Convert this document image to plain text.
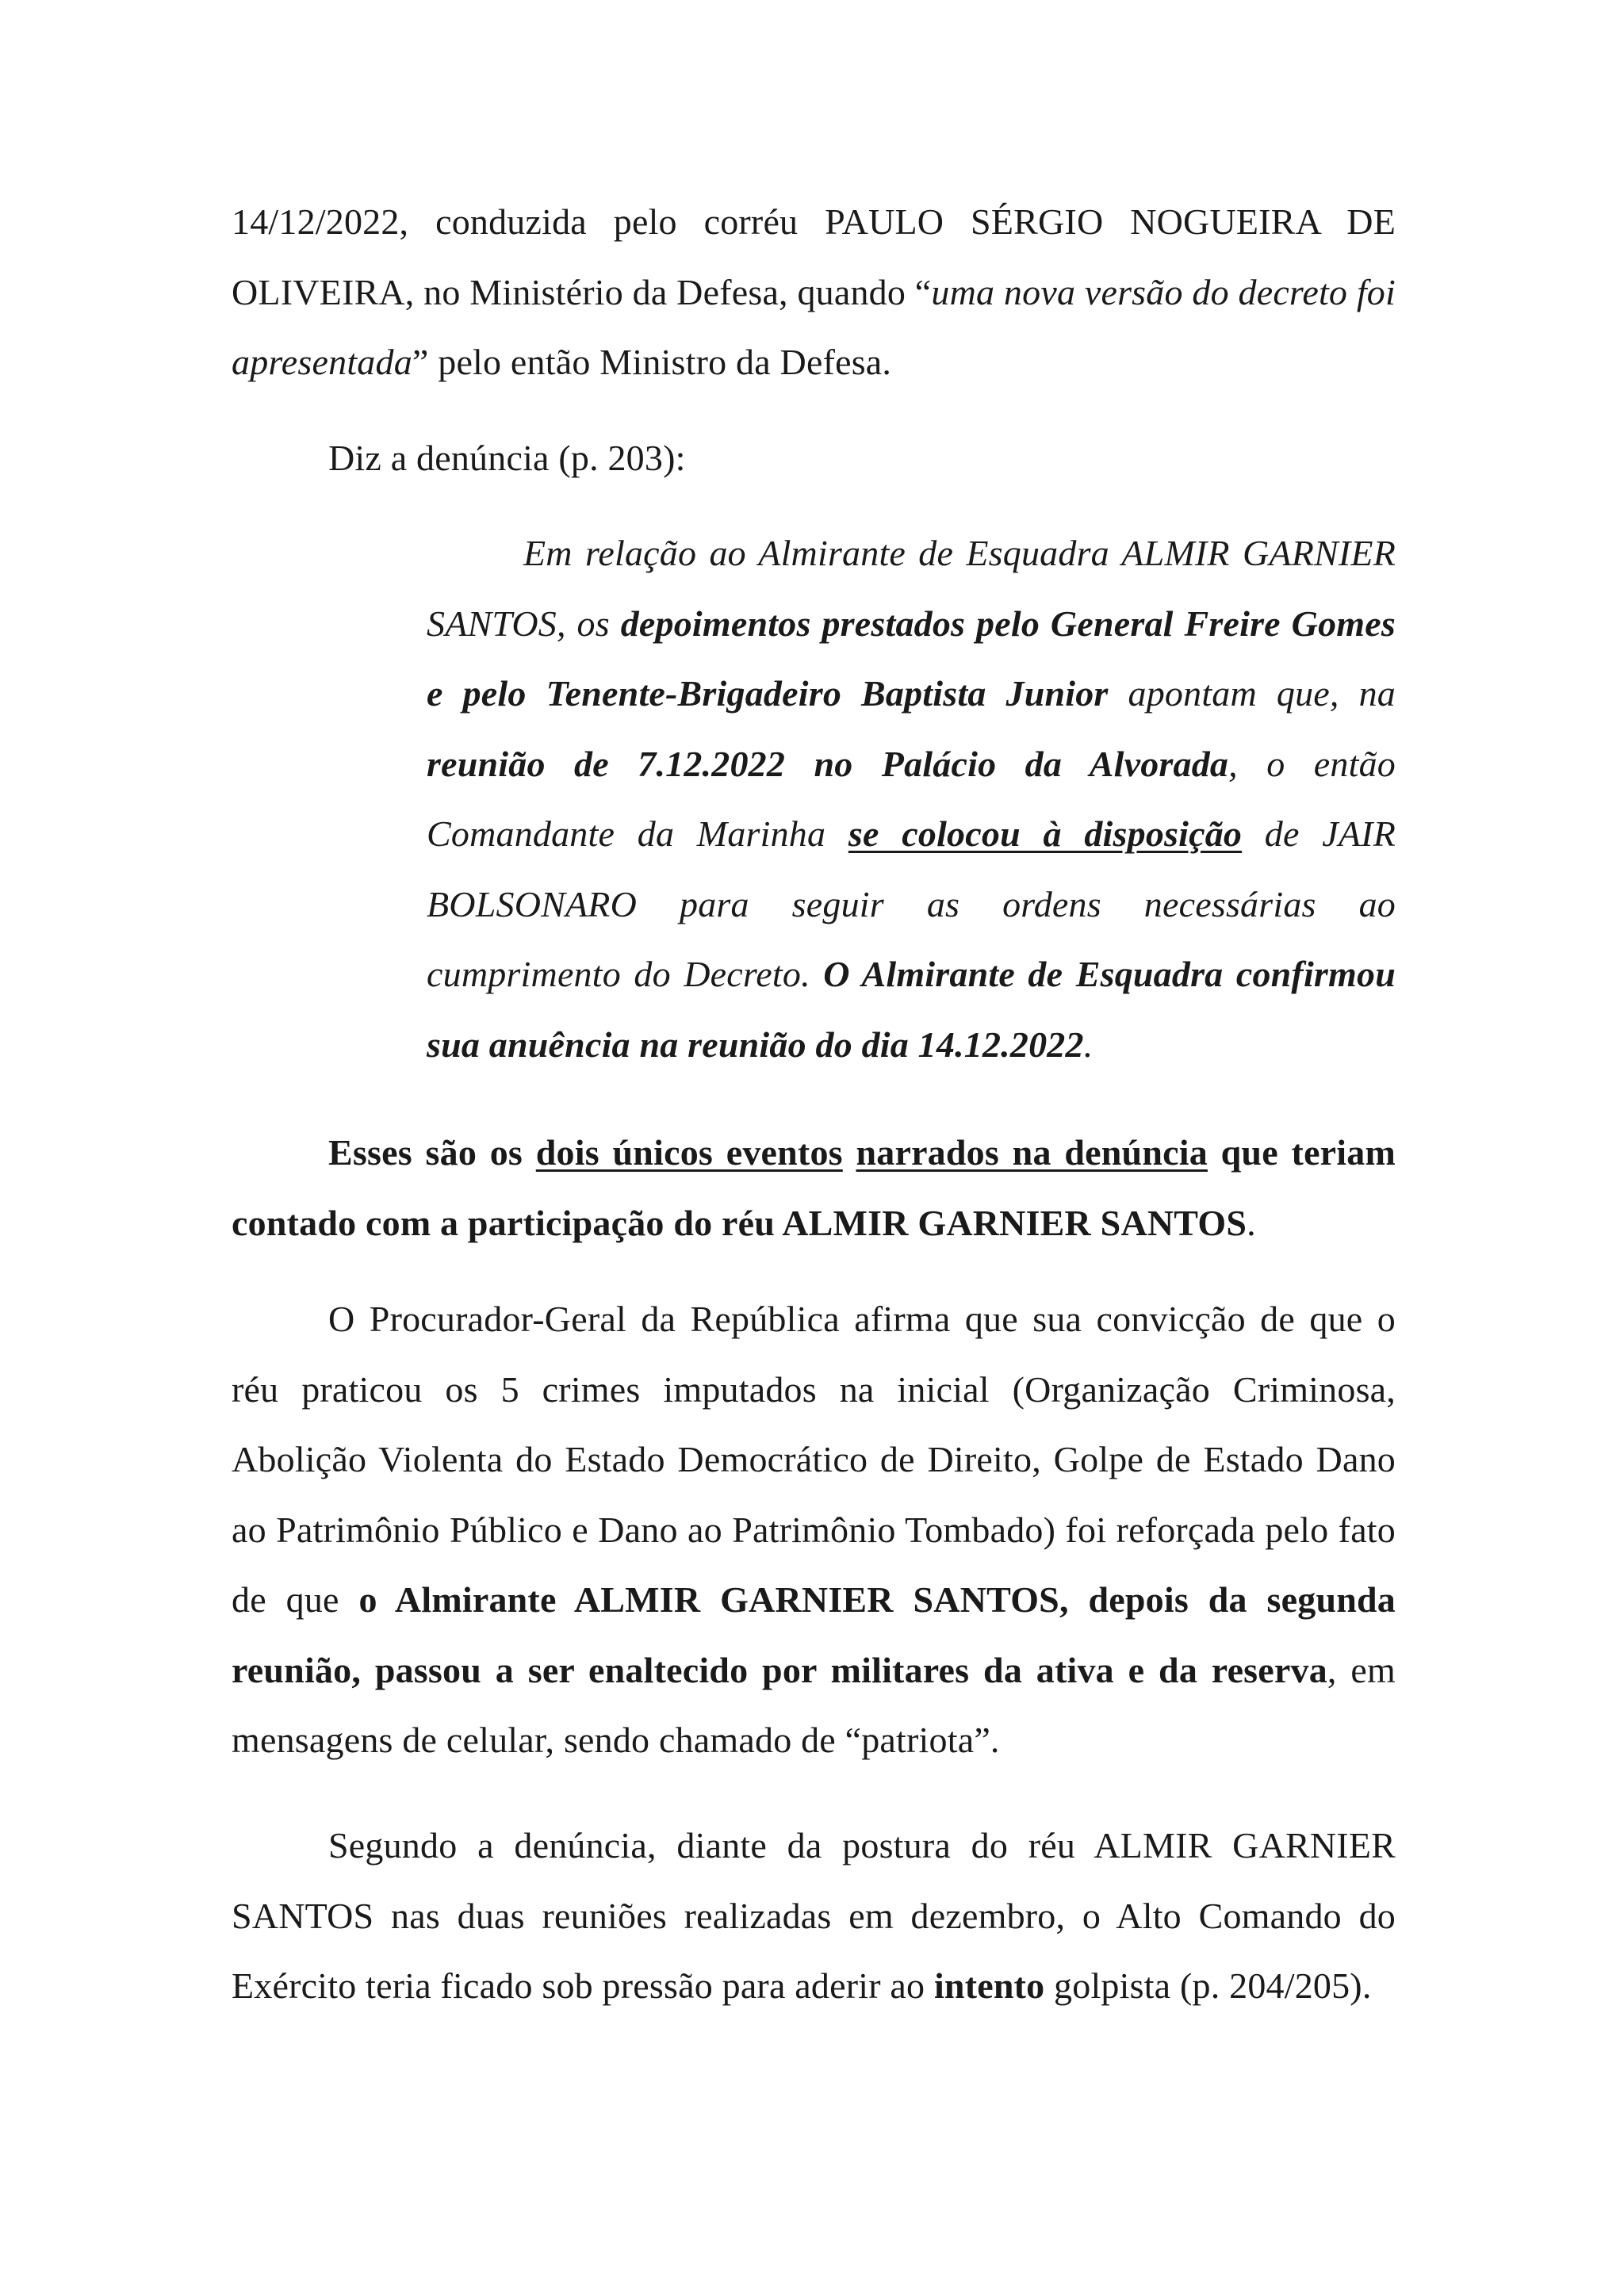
14/12/2022, conduzida pelo corréu PAULO SÉRGIO NOGUEIRA DE OLIVEIRA, no Ministério da Defesa, quando “uma nova versão do decreto foi apresentada” pelo então Ministro da Defesa.

Diz a denúncia (p. 203):

Em relação ao Almirante de Esquadra ALMIR GARNIER SANTOS, os depoimentos prestados pelo General Freire Gomes e pelo Tenente-Brigadeiro Baptista Junior apontam que, na reunião de 7.12.2022 no Palácio da Alvorada, o então Comandante da Marinha se colocou à disposição de JAIR BOLSONARO para seguir as ordens necessárias ao cumprimento do Decreto. O Almirante de Esquadra confirmou sua anuência na reunião do dia 14.12.2022.

Esses são os dois únicos eventos narrados na denúncia que teriam contado com a participação do réu ALMIR GARNIER SANTOS.

O Procurador-Geral da República afirma que sua convicção de que o réu praticou os 5 crimes imputados na inicial (Organização Criminosa, Abolição Violenta do Estado Democrático de Direito, Golpe de Estado Dano ao Patrimônio Público e Dano ao Patrimônio Tombado) foi reforçada pelo fato de que o Almirante ALMIR GARNIER SANTOS, depois da segunda reunião, passou a ser enaltecido por militares da ativa e da reserva, em mensagens de celular, sendo chamado de “patriota”.

Segundo a denúncia, diante da postura do réu ALMIR GARNIER SANTOS nas duas reuniões realizadas em dezembro, o Alto Comando do Exército teria ficado sob pressão para aderir ao intento golpista (p. 204/205).
